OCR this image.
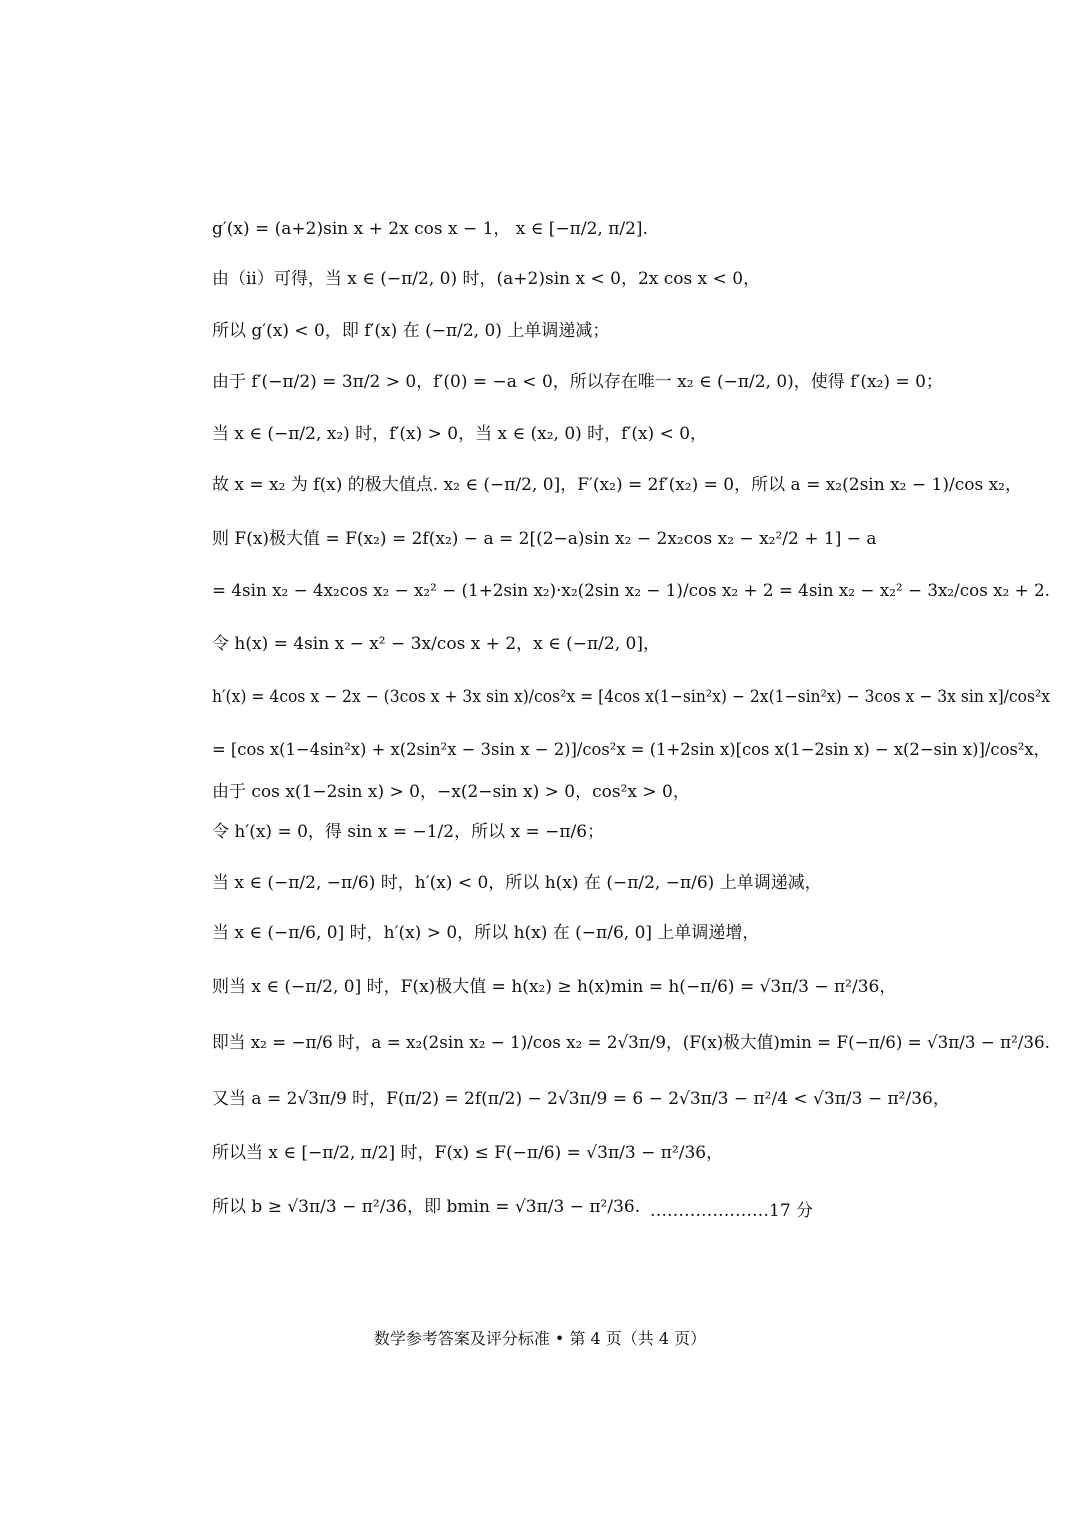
g′(x) = (a+2)sin x + 2x cos x − 1， x ∈ [−π/2, π/2].
由（ii）可得，当 x ∈ (−π/2, 0) 时，(a+2)sin x < 0，2x cos x < 0，
所以 g′(x) < 0，即 f′(x) 在 (−π/2, 0) 上单调递减；
由于 f′(−π/2) = 3π/2 > 0，f′(0) = −a < 0，所以存在唯一 x₂ ∈ (−π/2, 0)，使得 f′(x₂) = 0；
当 x ∈ (−π/2, x₂) 时，f′(x) > 0，当 x ∈ (x₂, 0) 时，f′(x) < 0，
故 x = x₂ 为 f(x) 的极大值点. x₂ ∈ (−π/2, 0]，F′(x₂) = 2f′(x₂) = 0，所以 a = x₂(2sin x₂ − 1)/cos x₂，
则 F(x)极大值 = F(x₂) = 2f(x₂) − a = 2[(2−a)sin x₂ − 2x₂cos x₂ − x₂²/2 + 1] − a
= 4sin x₂ − 4x₂cos x₂ − x₂² − (1+2sin x₂)·x₂(2sin x₂ − 1)/cos x₂ + 2 = 4sin x₂ − x₂² − 3x₂/cos x₂ + 2.
令 h(x) = 4sin x − x² − 3x/cos x + 2，x ∈ (−π/2, 0]，
h′(x) = 4cos x − 2x − (3cos x + 3x sin x)/cos²x = [4cos x(1−sin²x) − 2x(1−sin²x) − 3cos x − 3x sin x]/cos²x
= [cos x(1−4sin²x) + x(2sin²x − 3sin x − 2)]/cos²x = (1+2sin x)[cos x(1−2sin x) − x(2−sin x)]/cos²x，
由于 cos x(1−2sin x) > 0，−x(2−sin x) > 0，cos²x > 0，
令 h′(x) = 0，得 sin x = −1/2，所以 x = −π/6；
当 x ∈ (−π/2, −π/6) 时，h′(x) < 0，所以 h(x) 在 (−π/2, −π/6) 上单调递减，
当 x ∈ (−π/6, 0] 时，h′(x) > 0，所以 h(x) 在 (−π/6, 0] 上单调递增，
则当 x ∈ (−π/2, 0] 时，F(x)极大值 = h(x₂) ≥ h(x)min = h(−π/6) = √3π/3 − π²/36，
即当 x₂ = −π/6 时，a = x₂(2sin x₂ − 1)/cos x₂ = 2√3π/9，(F(x)极大值)min = F(−π/6) = √3π/3 − π²/36.
又当 a = 2√3π/9 时，F(π/2) = 2f(π/2) − 2√3π/9 = 6 − 2√3π/3 − π²/4 < √3π/3 − π²/36，
所以当 x ∈ [−π/2, π/2] 时，F(x) ≤ F(−π/6) = √3π/3 − π²/36，
所以 b ≥ √3π/3 − π²/36，即 bmin = √3π/3 − π²/36. …………………17 分
数学参考答案及评分标准 • 第 4 页（共 4 页）
